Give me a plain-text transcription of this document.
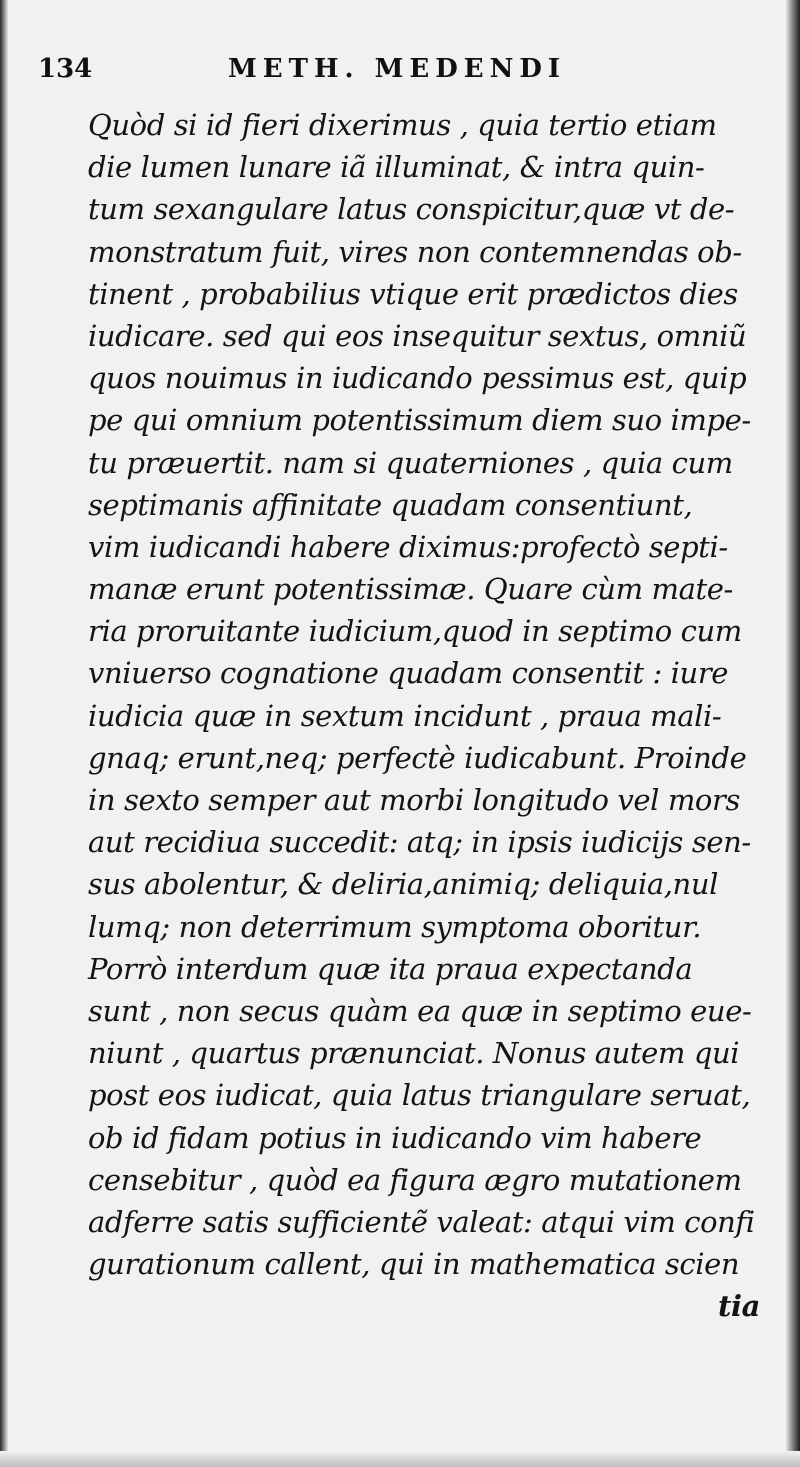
134	METH. MEDENDI
Quòd si id fieri dixerimus , quia tertio etiam
die lumen lunare iã illuminat, & intra quin-
tum sexangulare latus conspicitur,quæ vt de-
monstratum fuit, vires non contemnendas ob-
tinent , probabilius vtique erit prædictos dies
iudicare. sed qui eos insequitur sextus, omniũ
quos nouimus in iudicando pessimus est, quip
pe qui omnium potentissimum diem suo impe-
tu præuertit. nam si quaterniones , quia cum
septimanis affinitate quadam consentiunt,
vim iudicandi habere diximus:profectò septi-
manæ erunt potentissimæ. Quare cùm mate-
ria proruitante iudicium,quod in septimo cum
vniuerso cognatione quadam consentit : iure
iudicia quæ in sextum incidunt , praua mali-
gnaq; erunt,neq; perfectè iudicabunt. Proinde
in sexto semper aut morbi longitudo vel mors
aut recidiua succedit: atq; in ipsis iudicijs sen-
sus abolentur, & deliria,animiq; deliquia,nul
lumq; non deterrimum symptoma oboritur.
Porrò interdum quæ ita praua expectanda
sunt , non secus quàm ea quæ in septimo eue-
niunt , quartus prænunciat. Nonus autem qui
post eos iudicat, quia latus triangulare seruat,
ob id fidam potius in iudicando vim habere
censebitur , quòd ea figura ægro mutationem
adferre satis sufficientẽ valeat: atqui vim confi
gurationum callent, qui in mathematica scien
tia
